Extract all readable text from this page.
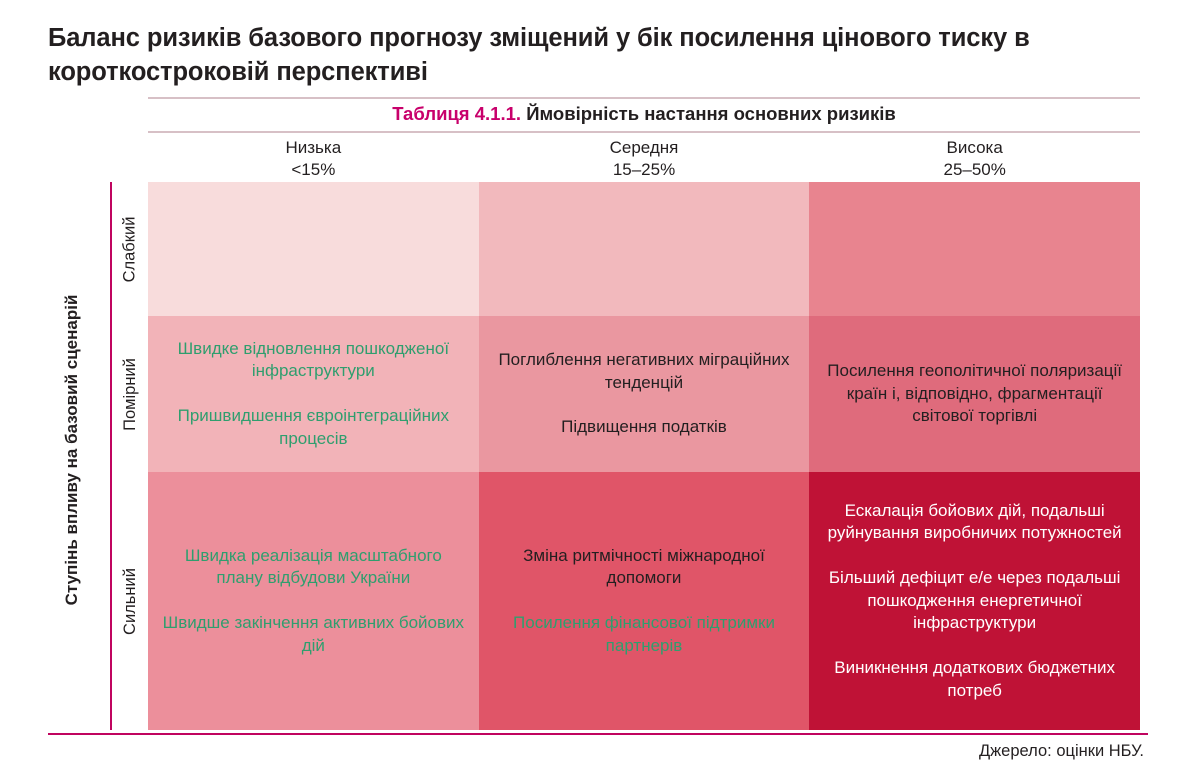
Баланс ризиків базового прогнозу зміщений у бік посилення цінового тиску в короткостроковій перспективі
Таблиця 4.1.1. Ймовірність настання основних ризиків
Низька
<15%
Середня
15–25%
Висока
25–50%
Ступінь впливу на базовий сценарій
Слабкий
Помірний
Сильний

Швидке відновлення пошкодженої інфраструктури

Пришвидшення євроінтеграційних процесів

Поглиблення негативних міграційних тенденцій

Підвищення податків

Посилення геополітичної поляризації країн і, відповідно, фрагментації світової торгівлі

Швидка реалізація масштабного плану відбудови України

Швидше закінчення активних бойових дій

Зміна ритмічності міжнародної допомоги

Посилення фінансової підтримки партнерів

Ескалація бойових дій, подальші руйнування виробничих потужностей

Більший дефіцит е/е через подальші пошкодження енергетичної інфраструктури

Виникнення додаткових бюджетних потреб

Джерело: оцінки НБУ.
